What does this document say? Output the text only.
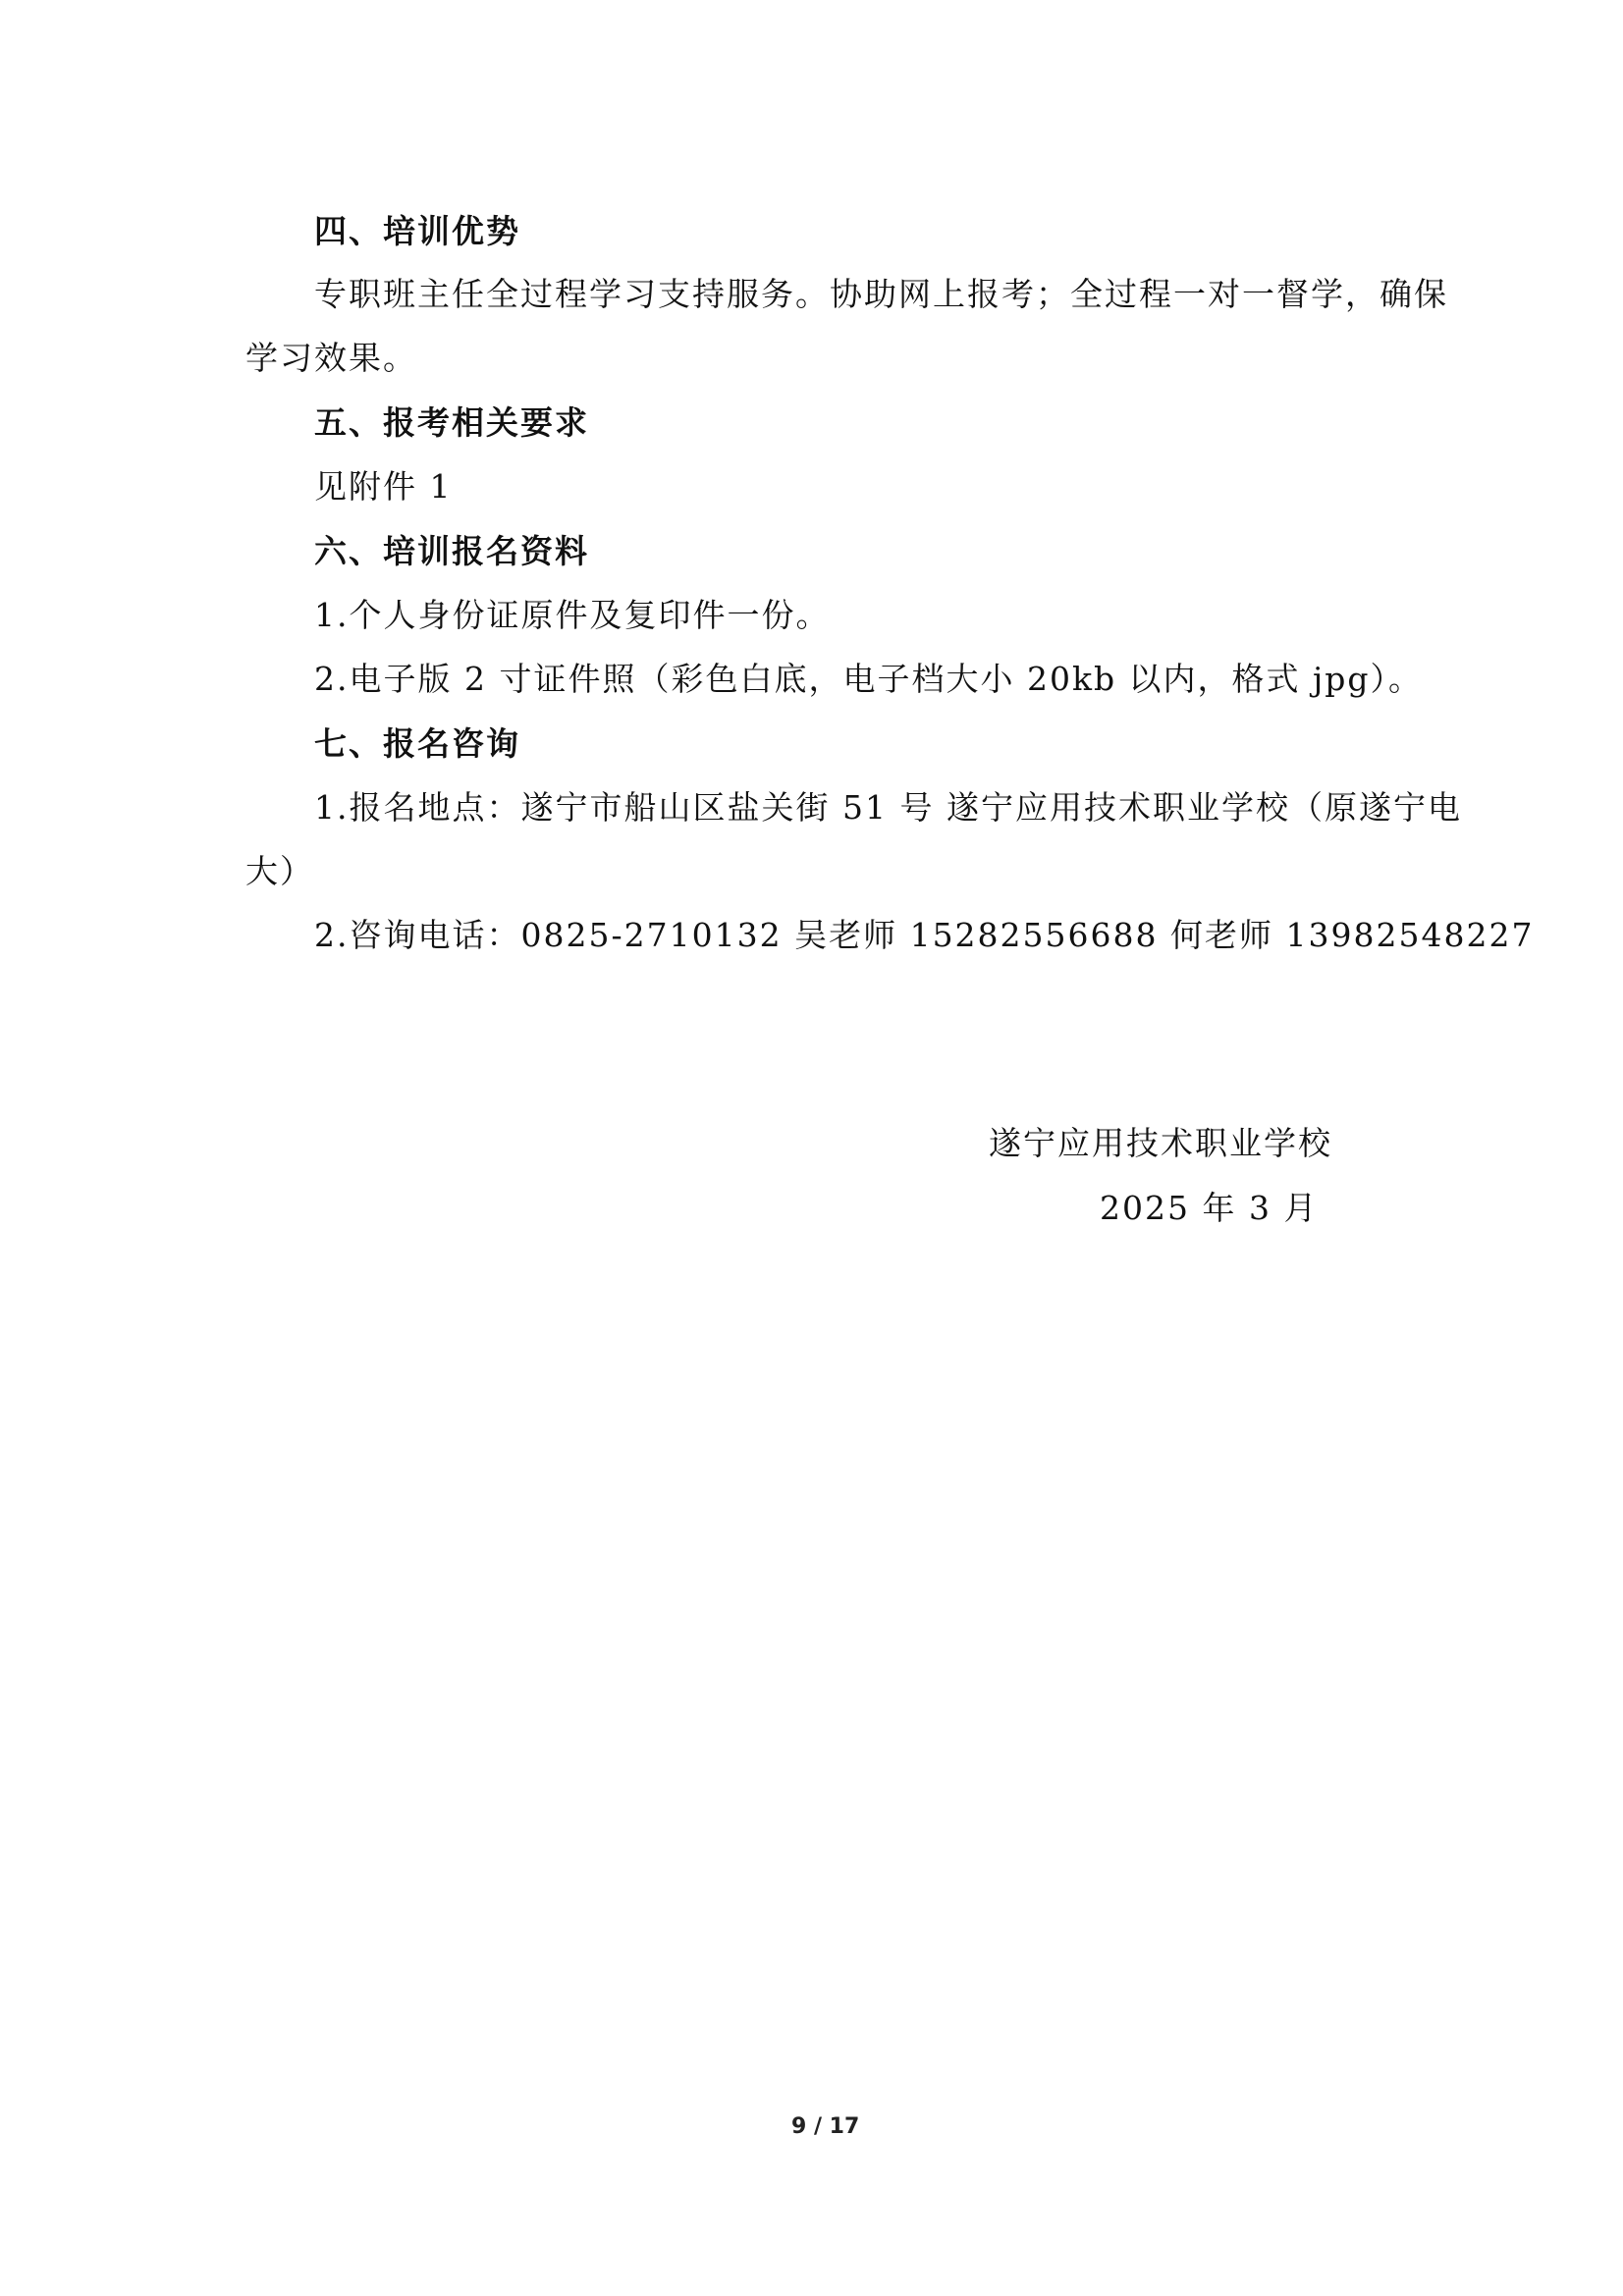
四、培训优势
专职班主任全过程学习支持服务。协助网上报考；全过程一对一督学，确保
学习效果。
五、报考相关要求
见附件 1
六、培训报名资料
1.个人身份证原件及复印件一份。
2.电子版 2 寸证件照（彩色白底，电子档大小 20kb 以内，格式 jpg）。
七、报名咨询
1.报名地点：遂宁市船山区盐关街 51 号 遂宁应用技术职业学校（原遂宁电
大）
2.咨询电话：0825-2710132 吴老师 15282556688 何老师 13982548227
遂宁应用技术职业学校
2025 年 3 月
9 / 17
